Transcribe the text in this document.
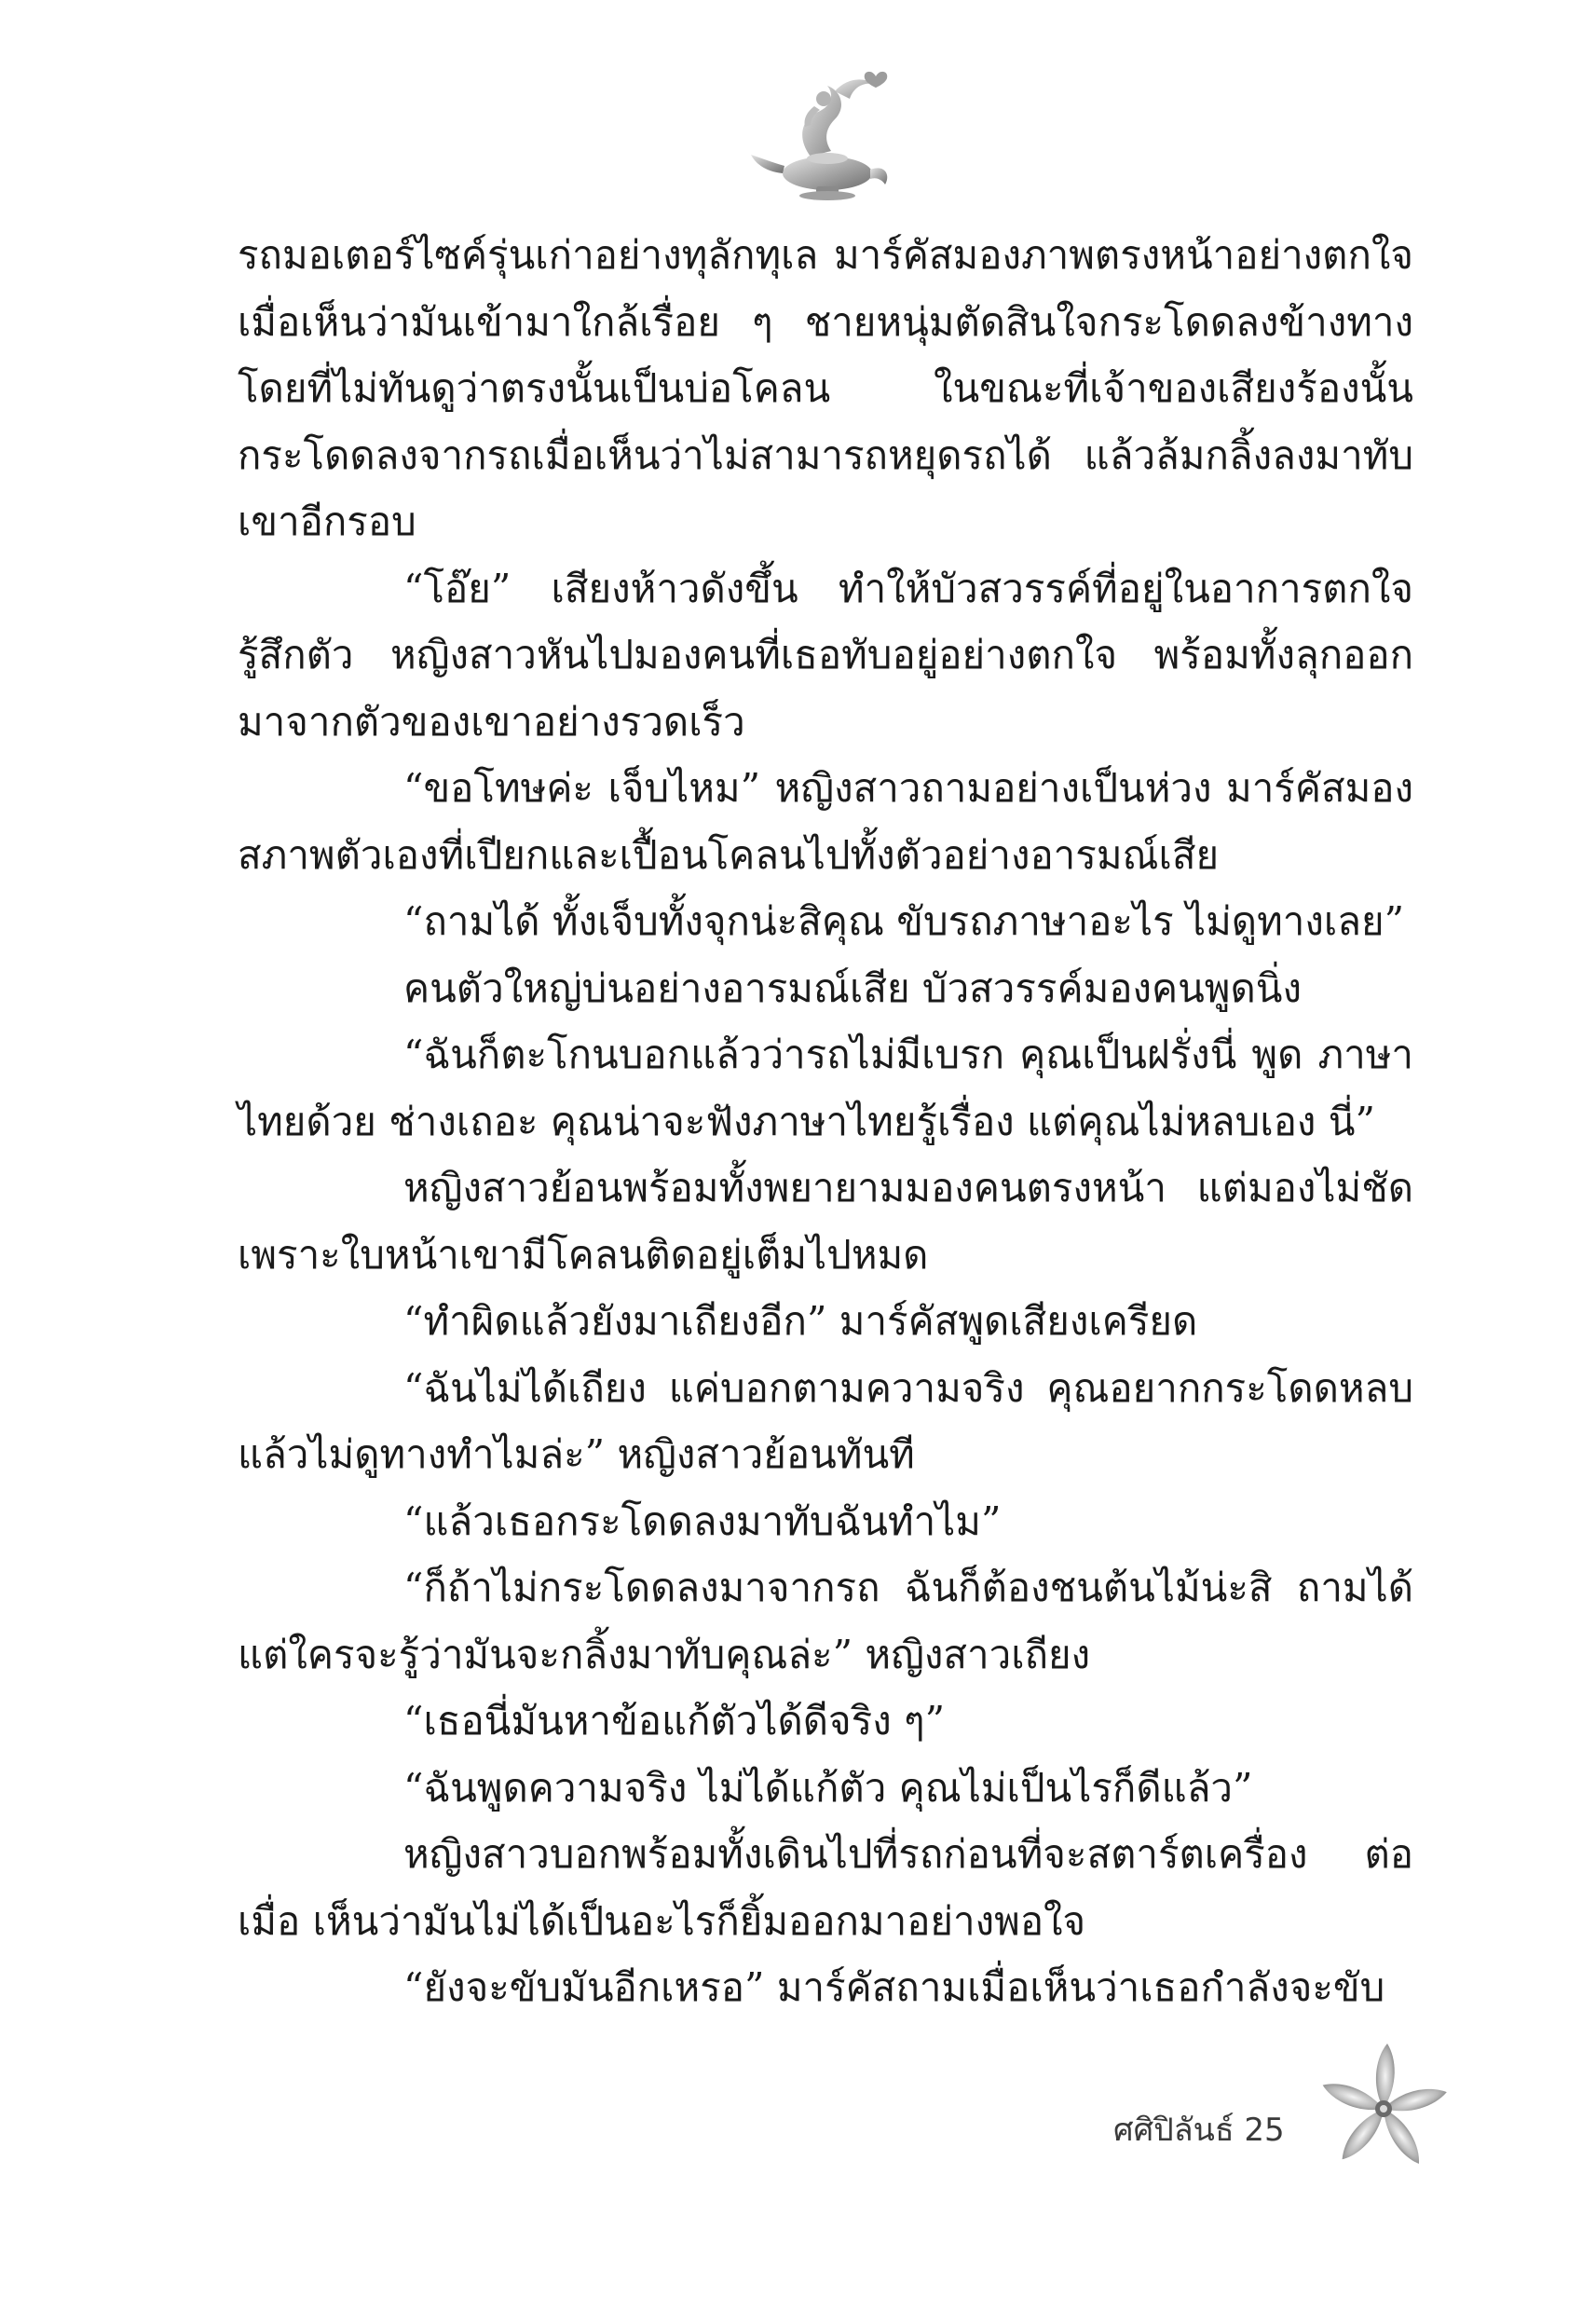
รถมอเตอร์ไซค์รุ่นเก่าอย่างทุลักทุเล มาร์คัสมองภาพตรงหน้าอย่างตกใจ เมื่อเห็นว่ามันเข้ามาใกล้เรื่อย ๆ ชายหนุ่มตัดสินใจกระโดดลงข้างทาง โดยที่ไม่ทันดูว่าตรงนั้นเป็นบ่อโคลน ในขณะที่เจ้าของเสียงร้องนั้น กระโดดลงจากรถเมื่อเห็นว่าไม่สามารถหยุดรถได้ แล้วล้มกลิ้งลงมาทับ เขาอีกรอบ

“โอ๊ย” เสียงห้าวดังขึ้น ทำให้บัวสวรรค์ที่อยู่ในอาการตกใจ รู้สึกตัว หญิงสาวหันไปมองคนที่เธอทับอยู่อย่างตกใจ พร้อมทั้งลุกออก มาจากตัวของเขาอย่างรวดเร็ว

“ขอโทษค่ะ เจ็บไหม” หญิงสาวถามอย่างเป็นห่วง มาร์คัสมอง สภาพตัวเองที่เปียกและเปื้อนโคลนไปทั้งตัวอย่างอารมณ์เสีย

“ถามได้ ทั้งเจ็บทั้งจุกน่ะสิคุณ ขับรถภาษาอะไร ไม่ดูทางเลย”

คนตัวใหญ่บ่นอย่างอารมณ์เสีย บัวสวรรค์มองคนพูดนิ่ง

“ฉันก็ตะโกนบอกแล้วว่ารถไม่มีเบรก คุณเป็นฝรั่งนี่ พูด ภาษาไทยด้วย ช่างเถอะ คุณน่าจะฟังภาษาไทยรู้เรื่อง แต่คุณไม่หลบเอง นี่”

หญิงสาวย้อนพร้อมทั้งพยายามมองคนตรงหน้า แต่มองไม่ชัด เพราะใบหน้าเขามีโคลนติดอยู่เต็มไปหมด

“ทำผิดแล้วยังมาเถียงอีก” มาร์คัสพูดเสียงเครียด

“ฉันไม่ได้เถียง แค่บอกตามความจริง คุณอยากกระโดดหลบ แล้วไม่ดูทางทำไมล่ะ” หญิงสาวย้อนทันที

“แล้วเธอกระโดดลงมาทับฉันทำไม”

“ก็ถ้าไม่กระโดดลงมาจากรถ ฉันก็ต้องชนต้นไม้น่ะสิ ถามได้ แต่ใครจะรู้ว่ามันจะกลิ้งมาทับคุณล่ะ” หญิงสาวเถียง

“เธอนี่มันหาข้อแก้ตัวได้ดีจริง ๆ”

“ฉันพูดความจริง ไม่ได้แก้ตัว คุณไม่เป็นไรก็ดีแล้ว”

หญิงสาวบอกพร้อมทั้งเดินไปที่รถก่อนที่จะสตาร์ตเครื่อง ต่อเมื่อ เห็นว่ามันไม่ได้เป็นอะไรก็ยิ้มออกมาอย่างพอใจ

“ยังจะขับมันอีกเหรอ” มาร์คัสถามเมื่อเห็นว่าเธอกำลังจะขับ

ศศิปิลันธ์ 25
